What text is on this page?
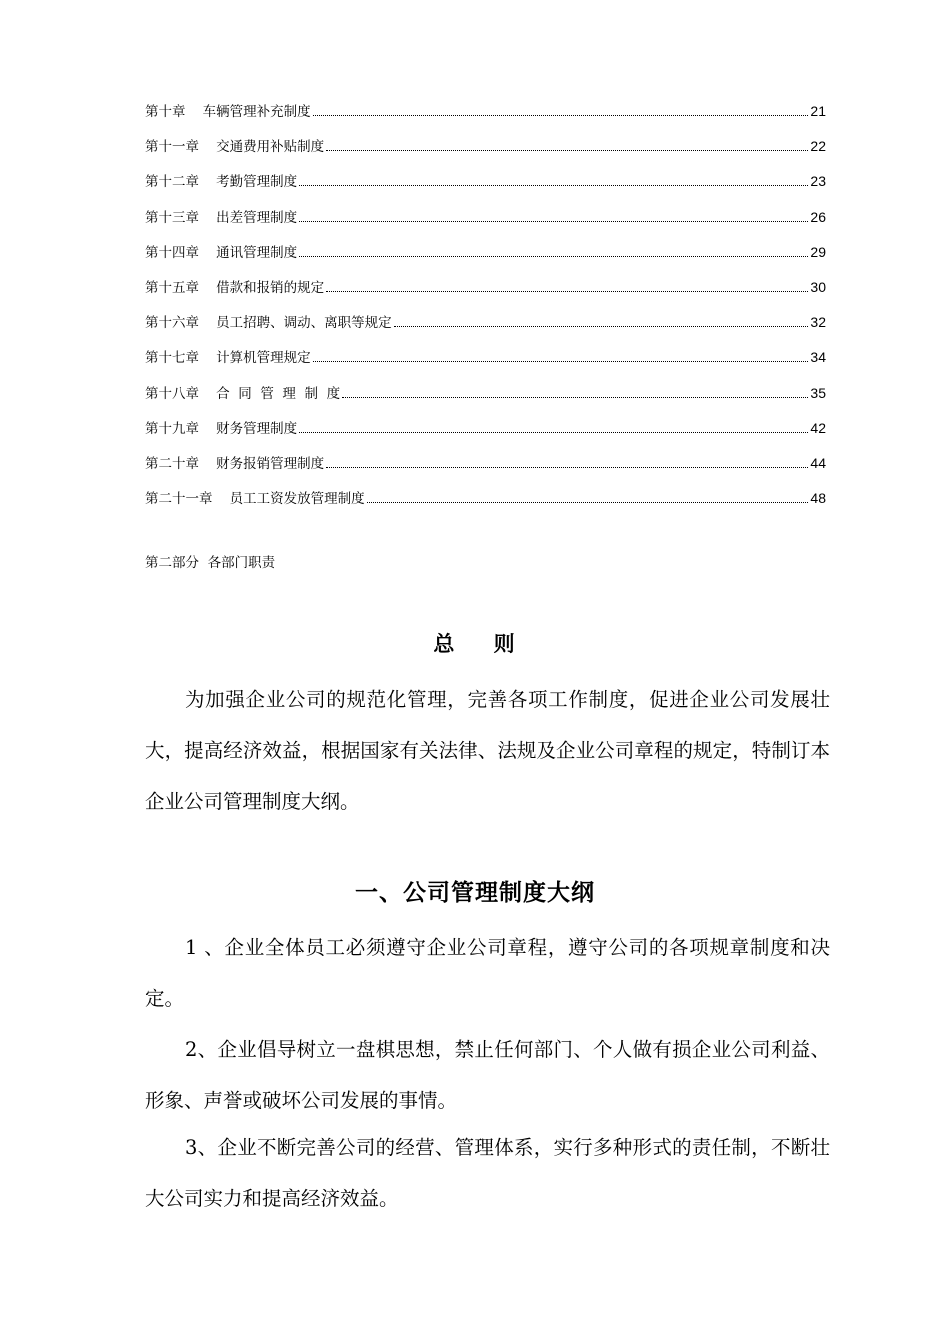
第十章    车辆管理补充制度	21
第十一章    交通费用补贴制度	22
第十二章    考勤管理制度	23
第十三章    出差管理制度	26
第十四章    通讯管理制度	29
第十五章    借款和报销的规定	30
第十六章    员工招聘、调动、离职等规定	32
第十七章    计算机管理规定	34
第十八章    合  同  管  理  制  度	35
第十九章    财务管理制度	42
第二十章    财务报销管理制度	44
第二十一章    员工工资发放管理制度	48
第二部分  各部门职责
总    则

为加强企业公司的规范化管理，完善各项工作制度，促进企业公司发展壮大，提高经济效益，根据国家有关法律、法规及企业公司章程的规定，特制订本企业公司管理制度大纲。

一、公司管理制度大纲

1 、企业全体员工必须遵守企业公司章程，遵守公司的各项规章制度和决定。

2、企业倡导树立一盘棋思想，禁止任何部门、个人做有损企业公司利益、形象、声誉或破坏公司发展的事情。

3、企业不断完善公司的经营、管理体系，实行多种形式的责任制，不断壮大公司实力和提高经济效益。
